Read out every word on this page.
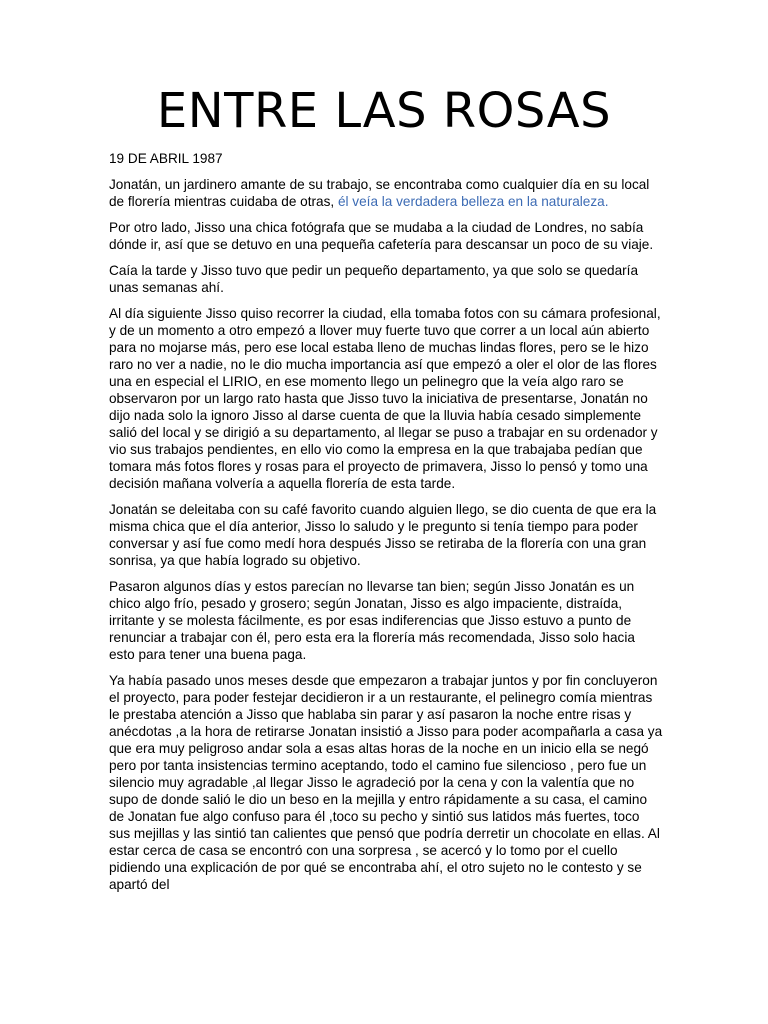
ENTRE LAS ROSAS

19 DE ABRIL 1987

Jonatán, un jardinero amante de su trabajo, se encontraba como cualquier día en su local de florería mientras cuidaba de otras, él veía la verdadera belleza en la naturaleza.

Por otro lado, Jisso una chica fotógrafa que se mudaba a la ciudad de Londres, no sabía dónde ir, así que se detuvo en una pequeña cafetería para descansar un poco de su viaje.

Caía la tarde y Jisso tuvo que pedir un pequeño departamento, ya que solo se quedaría unas semanas ahí.

Al día siguiente Jisso quiso recorrer la ciudad, ella tomaba fotos con su cámara profesional, y de un momento a otro empezó a llover muy fuerte tuvo que correr a un local aún abierto para no mojarse más, pero ese local estaba lleno de muchas lindas flores, pero se le hizo raro no ver a nadie, no le dio mucha importancia así que empezó a oler el olor de las flores una en especial el LIRIO, en ese momento llego un pelinegro que la veía algo raro se observaron por un largo rato hasta que Jisso tuvo la iniciativa de presentarse, Jonatán no dijo nada solo la ignoro Jisso al darse cuenta de que la lluvia había cesado simplemente salió del local y se dirigió a su departamento, al llegar se puso a trabajar en su ordenador y vio sus trabajos pendientes, en ello vio como la empresa en la que trabajaba pedían que tomara más fotos flores y rosas para el proyecto de primavera, Jisso lo pensó y tomo una decisión mañana volvería a aquella florería de esta tarde.

Jonatán se deleitaba con su café favorito cuando alguien llego, se dio cuenta de que era la misma chica que el día anterior, Jisso lo saludo y le pregunto si tenía tiempo para poder conversar y así fue como medí hora después Jisso se retiraba de la florería con una gran sonrisa, ya que había logrado su objetivo.

Pasaron algunos días y estos parecían no llevarse tan bien; según Jisso Jonatán es un chico algo frío, pesado y grosero; según Jonatan, Jisso es algo impaciente, distraída, irritante y se molesta fácilmente, es por esas indiferencias que Jisso estuvo a punto de renunciar a trabajar con él, pero esta era la florería más recomendada, Jisso solo hacia esto para tener una buena paga.

Ya había pasado unos meses desde que empezaron a trabajar juntos y por fin concluyeron el proyecto, para poder festejar decidieron ir a un restaurante, el pelinegro comía mientras le prestaba atención a Jisso que hablaba sin parar y así pasaron la noche entre risas y anécdotas ,a la hora de retirarse Jonatan insistió a Jisso para poder acompañarla a casa ya que era muy peligroso andar sola a esas altas horas de la noche en un inicio ella se negó pero por tanta insistencias termino aceptando, todo el camino fue silencioso , pero fue un silencio muy agradable ,al llegar Jisso le agradeció por la cena y con la valentía que no supo de donde salió le dio un beso en la mejilla y entro rápidamente a su casa, el camino de Jonatan fue algo confuso para él ,toco su pecho y sintió sus latidos más fuertes, toco sus mejillas y las sintió tan calientes que pensó que podría derretir un chocolate en ellas. Al estar cerca de casa se encontró con una sorpresa , se acercó y lo tomo por el cuello pidiendo una explicación de por qué se encontraba ahí, el otro sujeto no le contesto y se apartó del
